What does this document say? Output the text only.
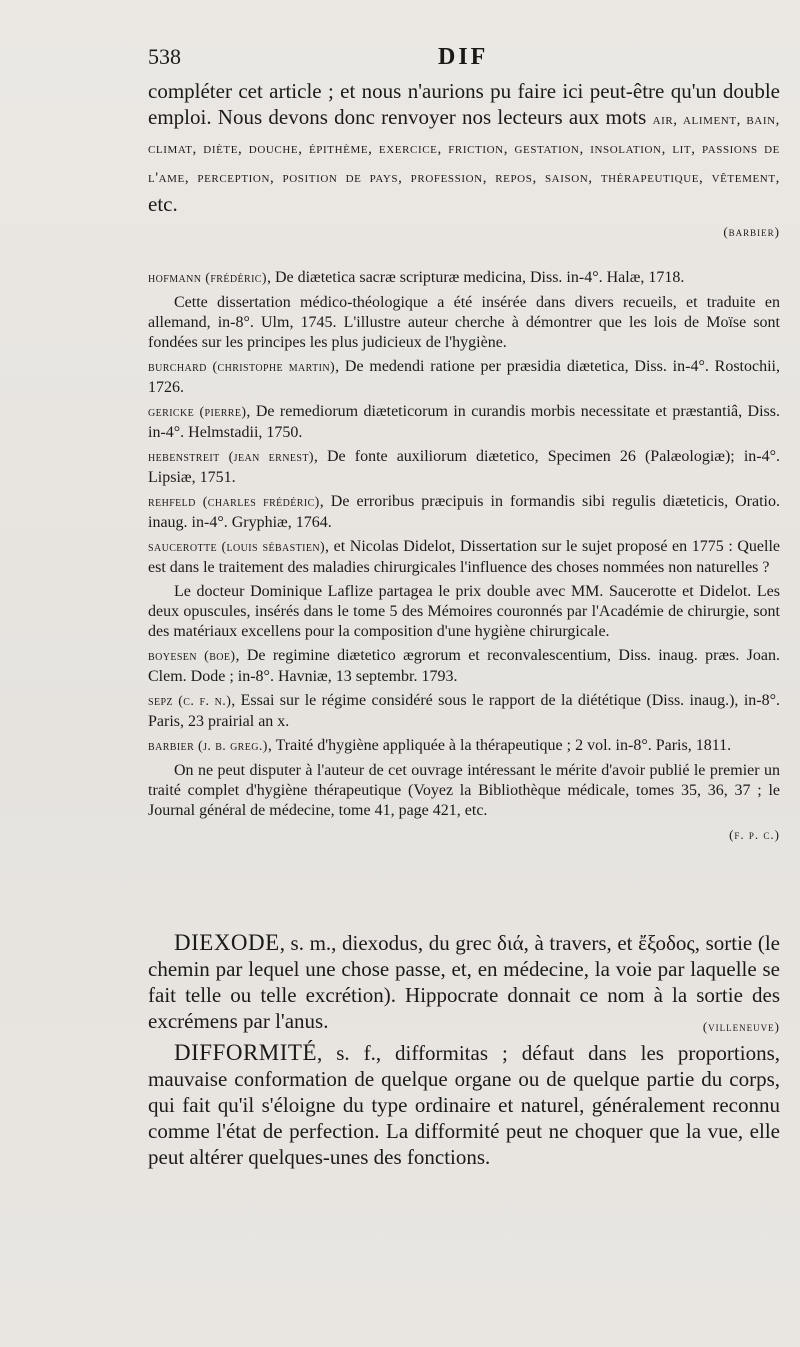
538	DIF

compléter cet article ; et nous n'aurions pu faire ici peut-être qu'un double emploi. Nous devons donc renvoyer nos lecteurs aux mots air, aliment, bain, climat, diète, douche, épithème, exercice, friction, gestation, insolation, lit, passions de l'ame, perception, position de pays, profession, repos, saison, thérapeutique, vêtement, etc.

(barbier)

hofmann (frédéric), De diætetica sacræ scripturæ medicina, Diss. in-4°. Halæ, 1718.

Cette dissertation médico-théologique a été insérée dans divers recueils, et traduite en allemand, in-8°. Ulm, 1745. L'illustre auteur cherche à démontrer que les lois de Moïse sont fondées sur les principes les plus judicieux de l'hygiène.

burchard (christophe martin), De medendi ratione per præsidia diætetica, Diss. in-4°. Rostochii, 1726.

gericke (pierre), De remediorum diæteticorum in curandis morbis necessitate et præstantiâ, Diss. in-4°. Helmstadii, 1750.

hebenstreit (jean ernest), De fonte auxiliorum diætetico, Specimen 26 (Palæologiæ); in-4°. Lipsiæ, 1751.

rehfeld (charles frédéric), De erroribus præcipuis in formandis sibi regulis diæteticis, Oratio. inaug. in-4°. Gryphiæ, 1764.

saucerotte (louis sébastien), et Nicolas Didelot, Dissertation sur le sujet proposé en 1775 : Quelle est dans le traitement des maladies chirurgicales l'influence des choses nommées non naturelles ?

Le docteur Dominique Laflize partagea le prix double avec MM. Saucerotte et Didelot. Les deux opuscules, insérés dans le tome 5 des Mémoires couronnés par l'Académie de chirurgie, sont des matériaux excellens pour la composition d'une hygiène chirurgicale.

boyesen (boe), De regimine diætetico ægrorum et reconvalescentium, Diss. inaug. præs. Joan. Clem. Dode ; in-8°. Havniæ, 13 septembr. 1793.

sepz (c. f. n.), Essai sur le régime considéré sous le rapport de la diététique (Diss. inaug.), in-8°. Paris, 23 prairial an x.

barbier (j. b. greg.), Traité d'hygiène appliquée à la thérapeutique ; 2 vol. in-8°. Paris, 1811.

On ne peut disputer à l'auteur de cet ouvrage intéressant le mérite d'avoir publié le premier un traité complet d'hygiène thérapeutique (Voyez la Bibliothèque médicale, tomes 35, 36, 37 ; le Journal général de médecine, tome 41, page 421, etc.

(f. p. c.)

DIEXODE, s. m., diexodus, du grec διά, à travers, et ἔξοδος, sortie (le chemin par lequel une chose passe, et, en médecine, la voie par laquelle se fait telle ou telle excrétion). Hippocrate donnait ce nom à la sortie des excrémens par l'anus.	(villeneuve)

DIFFORMITÉ, s. f., difformitas ; défaut dans les proportions, mauvaise conformation de quelque organe ou de quelque partie du corps, qui fait qu'il s'éloigne du type ordinaire et naturel, généralement reconnu comme l'état de perfection. La difformité peut ne choquer que la vue, elle peut altérer quelques-unes des fonctions.
